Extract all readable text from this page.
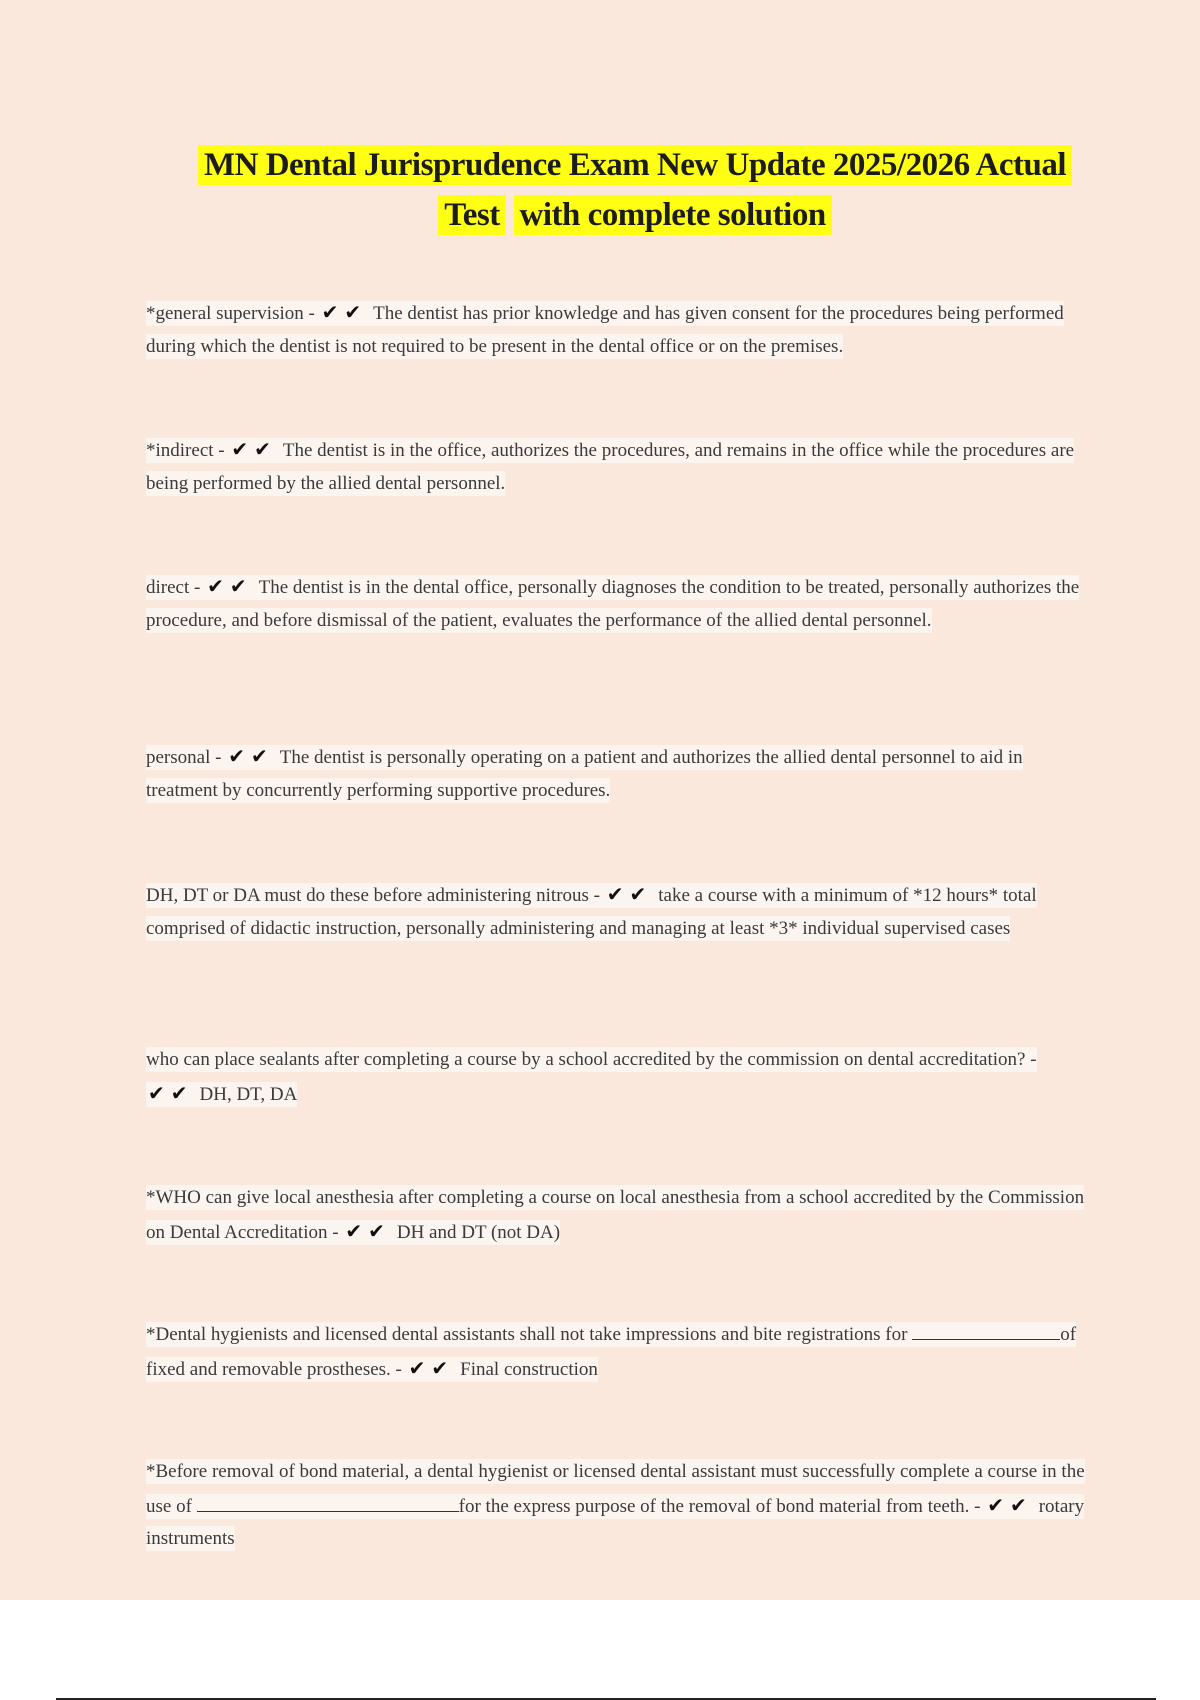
MN Dental Jurisprudence Exam New Update 2025/2026 Actual
Test with complete solution
*general supervision - ✔✔ The dentist has prior knowledge and has given consent for the procedures being performed during which the dentist is not required to be present in the dental office or on the premises.
*indirect - ✔✔ The dentist is in the office, authorizes the procedures, and remains in the office while the procedures are being performed by the allied dental personnel.
direct - ✔✔ The dentist is in the dental office, personally diagnoses the condition to be treated, personally authorizes the procedure, and before dismissal of the patient, evaluates the performance of the allied dental personnel.
personal - ✔✔ The dentist is personally operating on a patient and authorizes the allied dental personnel to aid in treatment by concurrently performing supportive procedures.
DH, DT or DA must do these before administering nitrous - ✔✔ take a course with a minimum of *12 hours* total comprised of didactic instruction, personally administering and managing at least *3* individual supervised cases
who can place sealants after completing a course by a school accredited by the commission on dental accreditation? - ✔✔ DH, DT, DA
*WHO can give local anesthesia after completing a course on local anesthesia from a school accredited by the Commission on Dental Accreditation - ✔✔ DH and DT (not DA)
*Dental hygienists and licensed dental assistants shall not take impressions and bite registrations for	of fixed and removable prostheses. - ✔✔ Final construction
*Before removal of bond material, a dental hygienist or licensed dental assistant must successfully complete a course in the use of	for the express purpose of the removal of bond material from teeth. - ✔✔ rotary instruments
